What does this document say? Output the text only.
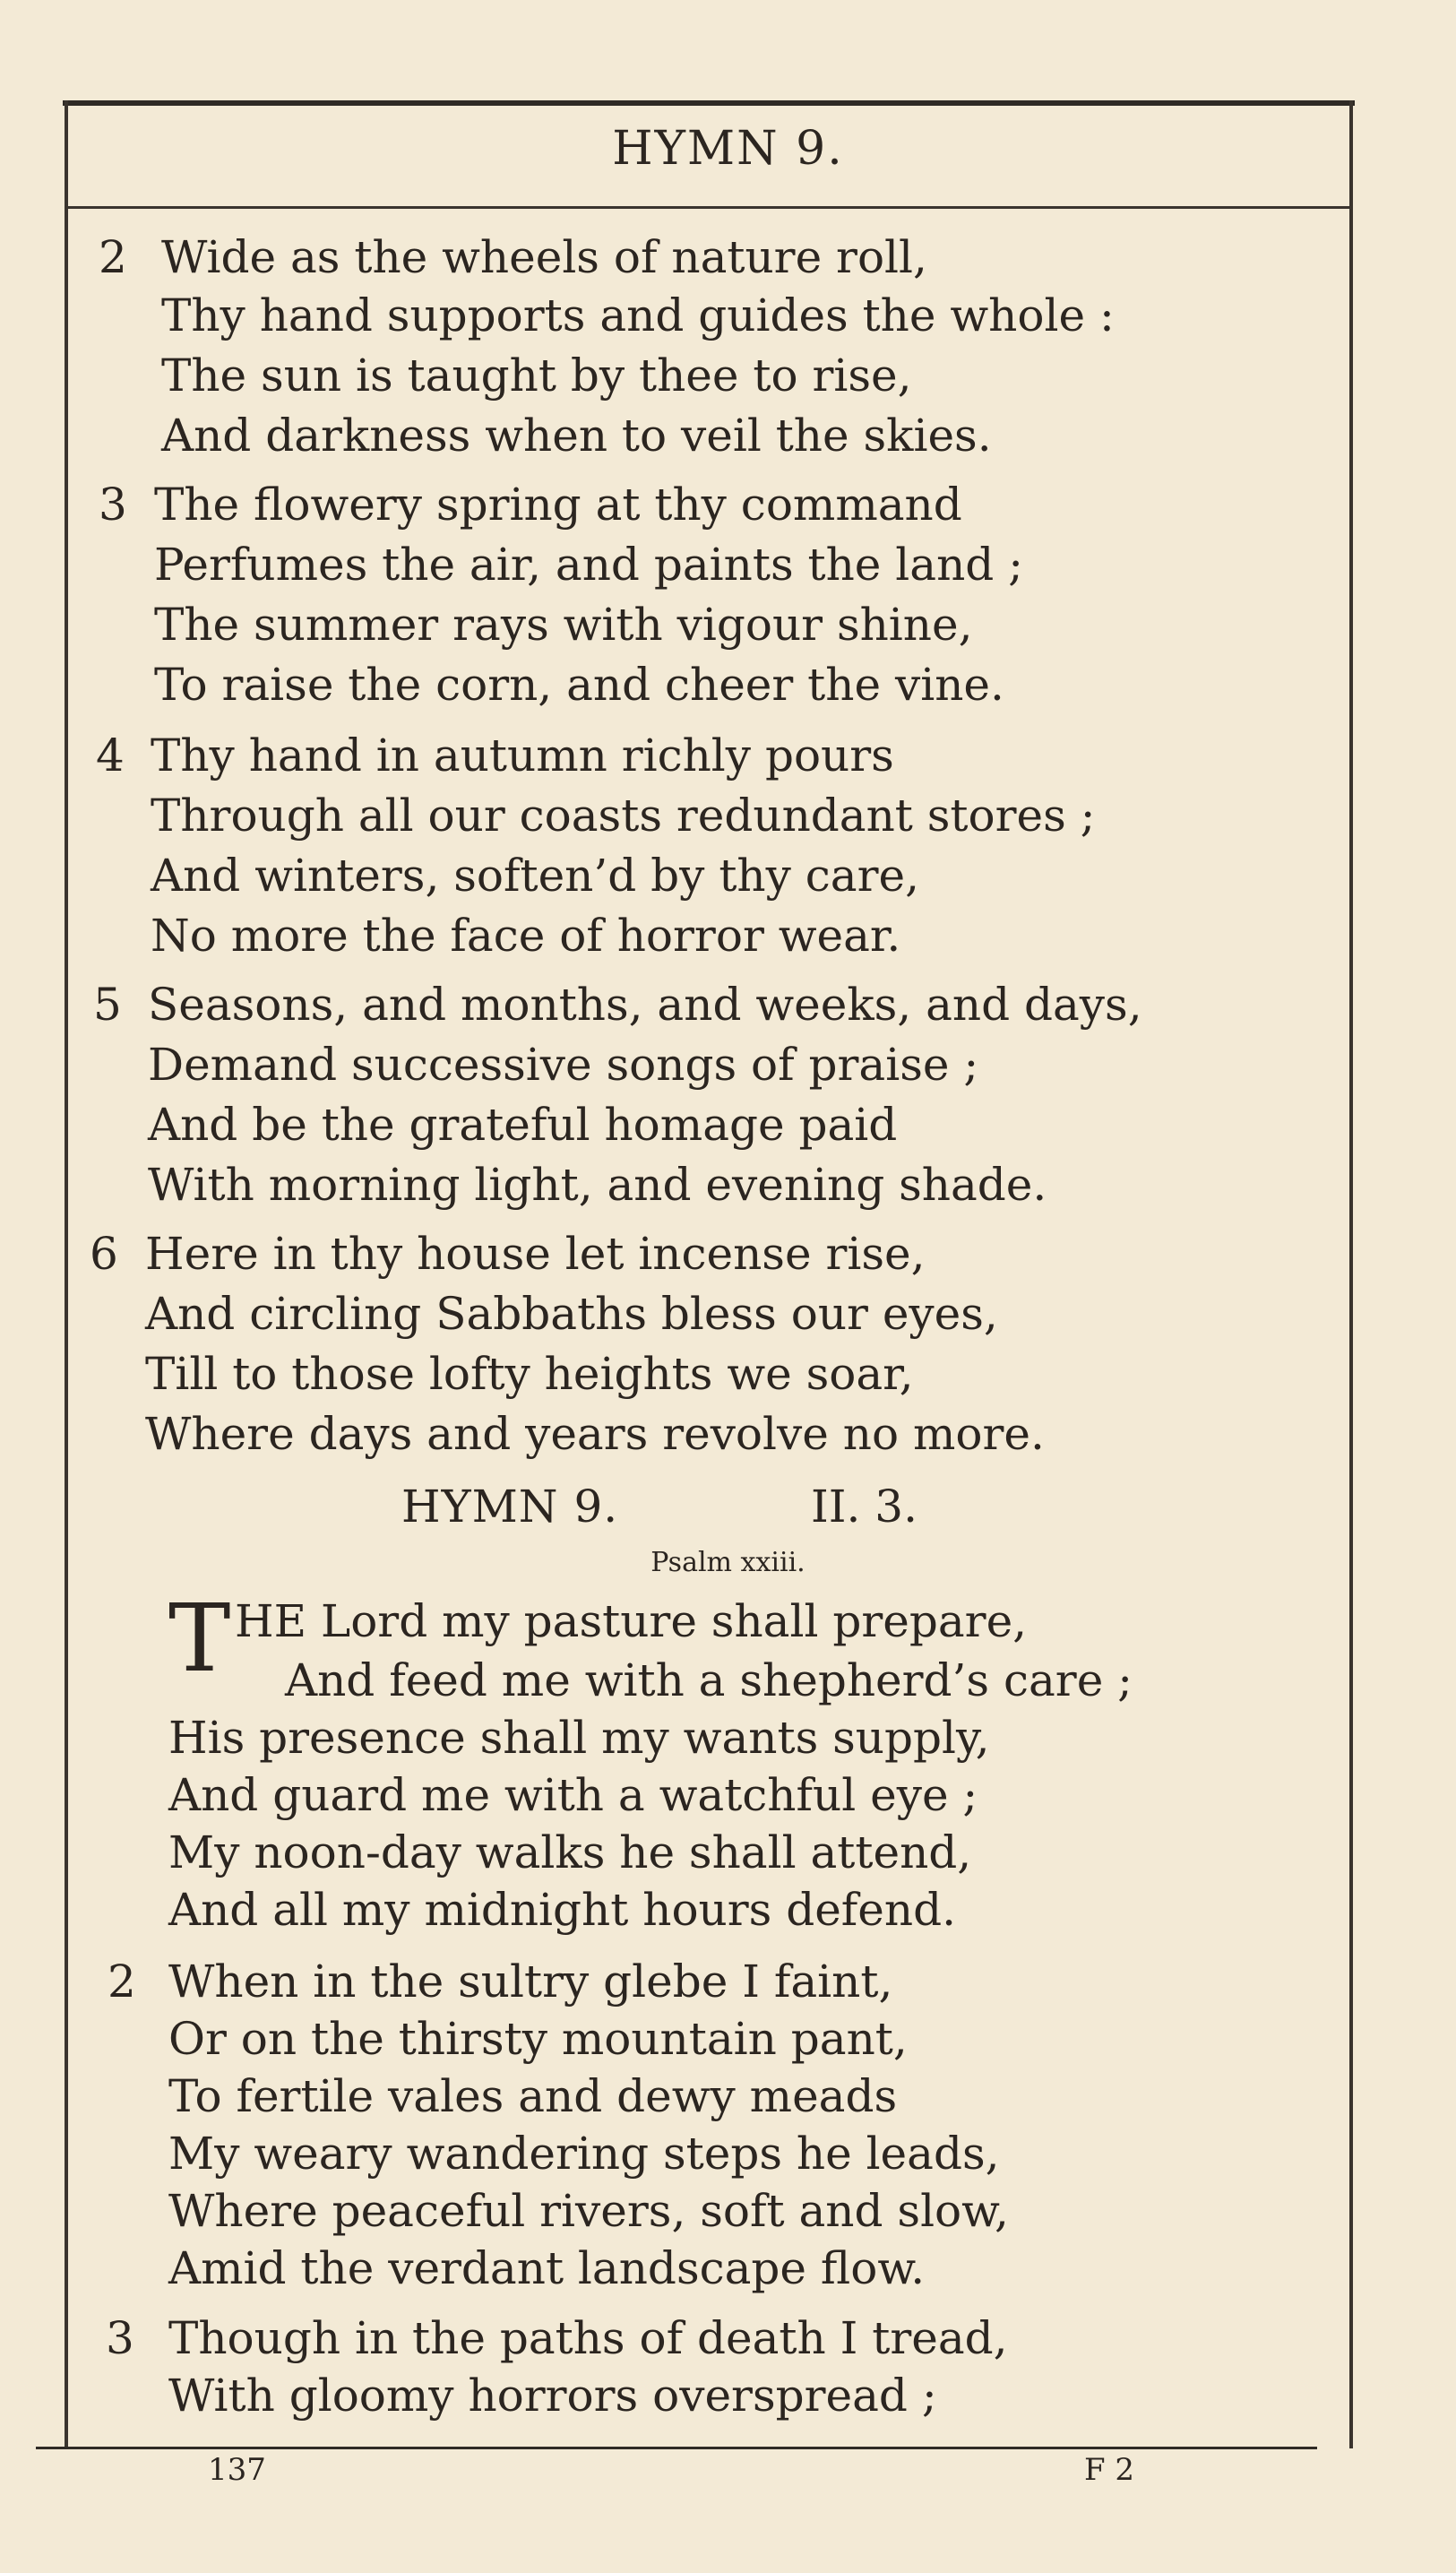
HYMN 9.
2 Wide as the wheels of nature roll,
Thy hand supports and guides the whole :
The sun is taught by thee to rise,
And darkness when to veil the skies.
3 The flowery spring at thy command
Perfumes the air, and paints the land ;
The summer rays with vigour shine,
To raise the corn, and cheer the vine.
4 Thy hand in autumn richly pours
Through all our coasts redundant stores ;
And winters, soften’d by thy care,
No more the face of horror wear.
5 Seasons, and months, and weeks, and days,
Demand successive songs of praise ;
And be the grateful homage paid
With morning light, and evening shade.
6 Here in thy house let incense rise,
And circling Sabbaths bless our eyes,
Till to those lofty heights we soar,
Where days and years revolve no more.
HYMN 9.	II. 3.
Psalm xxiii.
T HE Lord my pasture shall prepare,
And feed me with a shepherd’s care ;
His presence shall my wants supply,
And guard me with a watchful eye ;
My noon-day walks he shall attend,
And all my midnight hours defend.
2 When in the sultry glebe I faint,
Or on the thirsty mountain pant,
To fertile vales and dewy meads
My weary wandering steps he leads,
Where peaceful rivers, soft and slow,
Amid the verdant landscape flow.
3 Though in the paths of death I tread,
With gloomy horrors overspread ;
137	F 2
